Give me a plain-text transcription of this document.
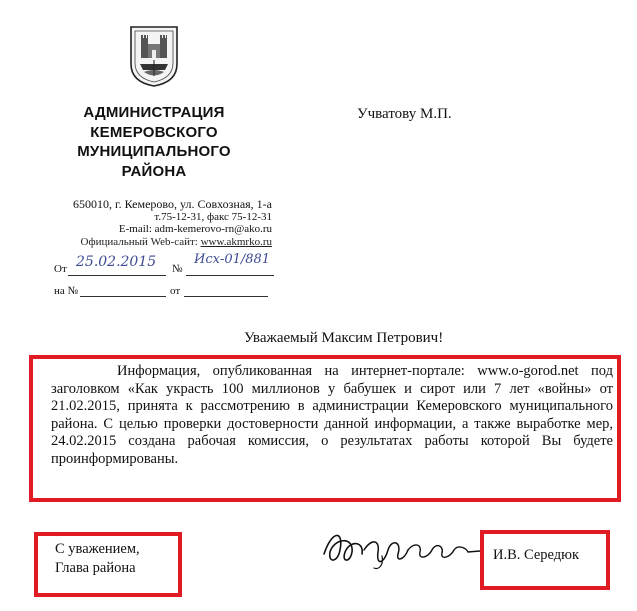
АДМИНИСТРАЦИЯ
КЕМЕРОВСКОГО
МУНИЦИПАЛЬНОГО
РАЙОНА
Учватову М.П.
650010, г. Кемерово, ул. Совхозная, 1-а
т.75-12-31, факс 75-12-31
E-mail: adm-kemerovo-rn@ako.ru
Официальный Web-сайт: www.akmrko.ru
От 25.02.2015 №
Исх-01/881
на №	от
Уважаемый Максим Петрович!
Информация, опубликованная на интернет-портале: www.o-gorod.net под заголовком «Как украсть 100 миллионов у бабушек и сирот или 7 лет «войны» от 21.02.2015, принята к рассмотрению в администрации Кемеровского муниципального района. С целью проверки достоверности данной информации, а также выработке мер, 24.02.2015 создана рабочая комиссия, о результатах работы которой Вы будете проинформированы.
С уважением,
Глава района
И.В. Середюк
